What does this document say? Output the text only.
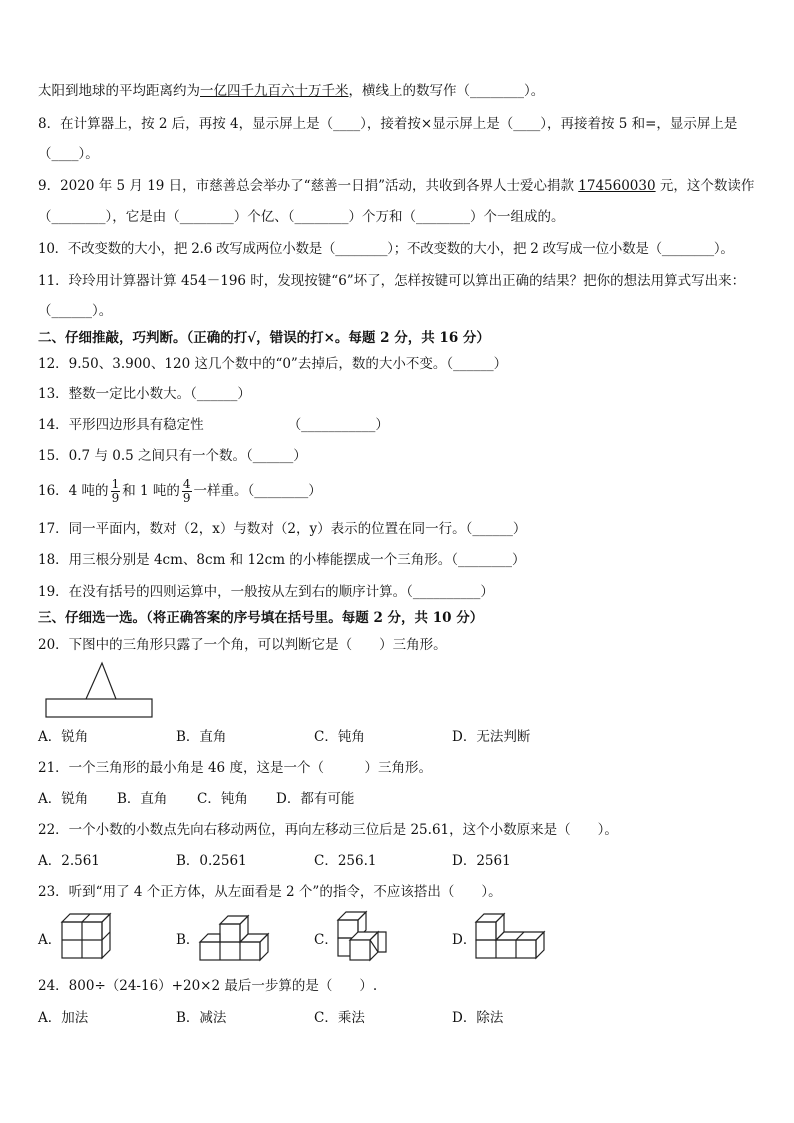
太阳到地球的平均距离约为一亿四千九百六十万千米，横线上的数写作（________）。
8．在计算器上，按 2 后，再按 4，显示屏上是（____），接着按×显示屏上是（____），再接着按 5 和=，显示屏上是
（____）。
9．2020 年 5 月 19 日，市慈善总会举办了“慈善一日捐”活动，共收到各界人士爱心捐款 174560030 元，这个数读作
（________），它是由（________）个亿、（________）个万和（________）个一组成的。
10．不改变数的大小，把 2.6 改写成两位小数是（________）；不改变数的大小，把 2 改写成一位小数是（________）。
11．玲玲用计算器计算 454－196 时，发现按键“6”坏了，怎样按键可以算出正确的结果？把你的想法用算式写出来：
（______）。
二、仔细推敲，巧判断。（正确的打√，错误的打×。每题 2 分，共 16 分）
12．9.50、3.900、120 这几个数中的“0”去掉后，数的大小不变。（______）
13．整数一定比小数大。（______）
14．平形四边形具有稳定性	（___________）
15．0.7 与 0.5 之间只有一个数。（______）
16．4 吨的 $\frac{1}{9}$ 和 1 吨的 $\frac{4}{9}$ 一样重。（________）
17．同一平面内，数对（2，x）与数对（2，y）表示的位置在同一行。（______）
18．用三根分别是 4cm、8cm 和 12cm 的小棒能摆成一个三角形。（________）
19．在没有括号的四则运算中，一般按从左到右的顺序计算。（__________）
三、仔细选一选。（将正确答案的序号填在括号里。每题 2 分，共 10 分）
20．下图中的三角形只露了一个角，可以判断它是（　　）三角形。
A．锐角	B．直角	C．钝角	D．无法判断
21．一个三角形的最小角是 46 度，这是一个（　　　）三角形。
A．锐角 B．直角 C．钝角 D．都有可能
22．一个小数的小数点先向右移动两位，再向左移动三位后是 25.61，这个小数原来是（　　）。
A．2.561	B．0.2561	C．256.1	D．2561
23．听到“用了 4 个正方体，从左面看是 2 个”的指令，不应该搭出（　　）。
A．	B．	C．	D．
24．800÷（24-16）+20×2 最后一步算的是（　　）.
A．加法	B．减法	C．乘法	D．除法
